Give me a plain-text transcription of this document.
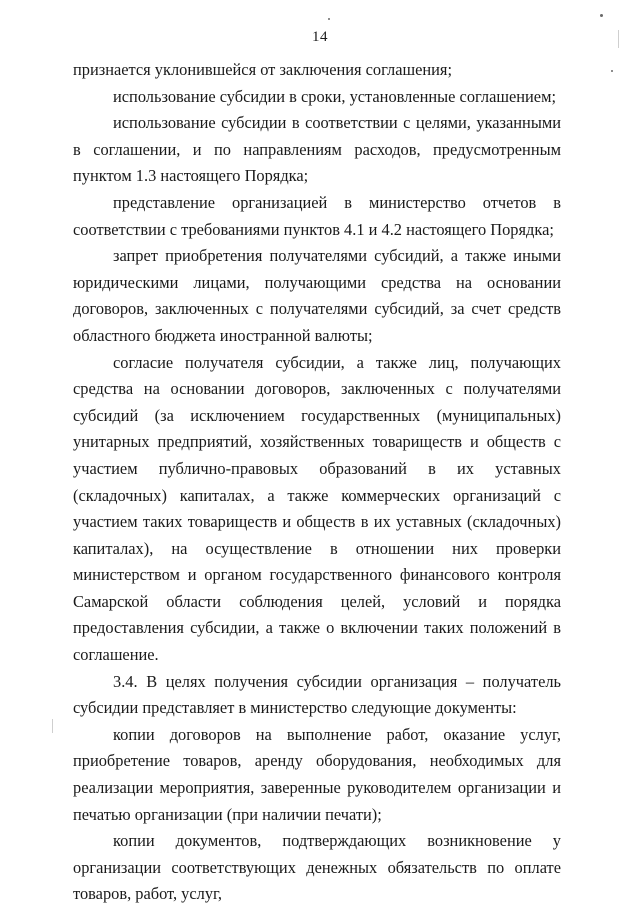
14

признается уклонившейся от заключения соглашения;

использование субсидии в сроки, установленные соглашением;

использование субсидии в соответствии с целями, указанными в соглашении, и по направлениям расходов, предусмотренным пунктом 1.3 настоящего Порядка;

представление организацией в министерство отчетов в соответствии с требованиями пунктов 4.1 и 4.2 настоящего Порядка;

запрет приобретения получателями субсидий, а также иными юридическими лицами, получающими средства на основании договоров, заключенных с получателями субсидий, за счет средств областного бюджета иностранной валюты;

согласие получателя субсидии, а также лиц, получающих средства на основании договоров, заключенных с получателями субсидий (за исключением государственных (муниципальных) унитарных предприятий, хозяйственных товариществ и обществ с участием публично-правовых образований в их уставных (складочных) капиталах, а также коммерческих организаций с участием таких товариществ и обществ в их уставных (складочных) капиталах), на осуществление в отношении них проверки министерством и органом государственного финансового контроля Самарской области соблюдения целей, условий и порядка предоставления субсидии, а также о включении таких положений в соглашение.

3.4. В целях получения субсидии организация – получатель субсидии представляет в министерство следующие документы:

копии договоров на выполнение работ, оказание услуг, приобретение товаров, аренду оборудования, необходимых для реализации мероприятия, заверенные руководителем организации и печатью организации (при наличии печати);

копии документов, подтверждающих возникновение у организации соответствующих денежных обязательств по оплате товаров, работ, услуг,
